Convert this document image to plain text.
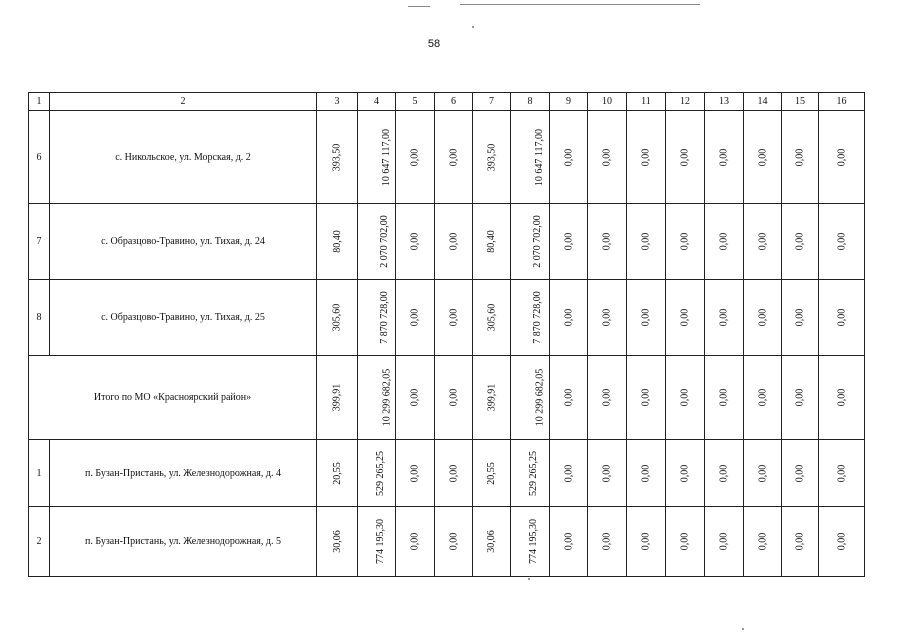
58
1	2	3	4	5	6	7	8	9	10	11	12	13	14	15	16
6	с. Никольское, ул. Морская, д. 2	393,50	10 647 117,00	0,00	0,00	393,50	10 647 117,00	0,00	0,00	0,00	0,00	0,00	0,00	0,00	0,00
7	с. Образцово-Травино, ул. Тихая, д. 24	80,40	2 070 702,00	0,00	0,00	80,40	2 070 702,00	0,00	0,00	0,00	0,00	0,00	0,00	0,00	0,00
8	с. Образцово-Травино, ул. Тихая, д. 25	305,60	7 870 728,00	0,00	0,00	305,60	7 870 728,00	0,00	0,00	0,00	0,00	0,00	0,00	0,00	0,00
Итого по МО «Красноярский район»		399,91	10 299 682,05	0,00	0,00	399,91	10 299 682,05	0,00	0,00	0,00	0,00	0,00	0,00	0,00	0,00
1	п. Бузан-Пристань, ул. Железнодорожная, д. 4	20,55	529 265,25	0,00	0,00	20,55	529 265,25	0,00	0,00	0,00	0,00	0,00	0,00	0,00	0,00
2	п. Бузан-Пристань, ул. Железнодорожная, д. 5	30,06	774 195,30	0,00	0,00	30,06	774 195,30	0,00	0,00	0,00	0,00	0,00	0,00	0,00	0,00
